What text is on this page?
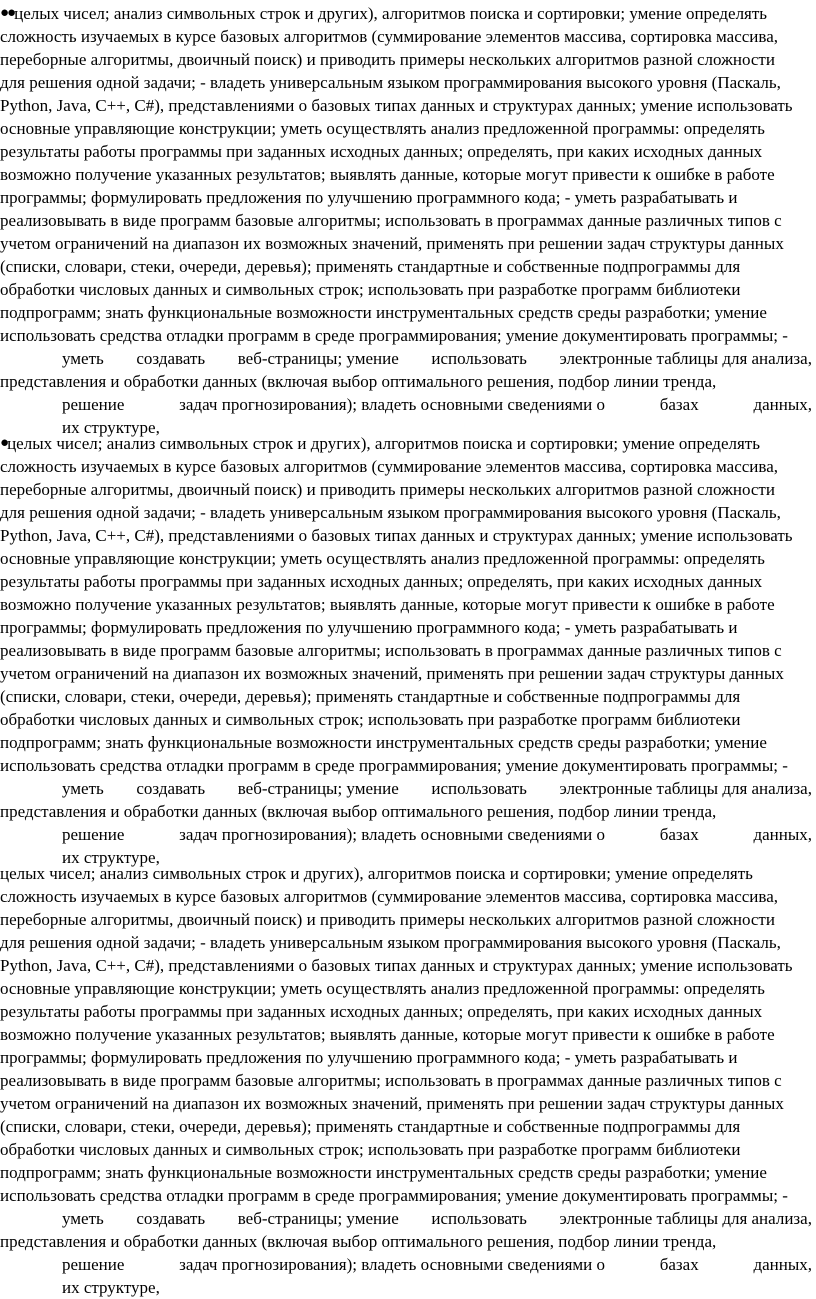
●●целых чисел; анализ символьных строк и других), алгоритмов поиска и сортировки; умение определять
сложность изучаемых в курсе базовых алгоритмов (суммирование элементов массива, сортировка массива,
переборные алгоритмы, двоичный поиск) и приводить примеры нескольких алгоритмов разной сложности
для решения одной задачи; - владеть универсальным языком программирования высокого уровня (Паскаль,
Python, Java, C++, C#), представлениями о базовых типах данных и структурах данных; умение использовать
основные управляющие конструкции; уметь осуществлять анализ предложенной программы: определять
результаты работы программы при заданных исходных данных; определять, при каких исходных данных
возможно получение указанных результатов; выявлять данные, которые могут привести к ошибке в работе
программы; формулировать предложения по улучшению программного кода; - уметь разрабатывать и
реализовывать в виде программ базовые алгоритмы; использовать в программах данные различных типов с
учетом ограничений на диапазон их возможных значений, применять при решении задач структуры данных
(списки, словари, стеки, очереди, деревья); применять стандартные и собственные подпрограммы для
обработки числовых данных и символьных строк; использовать при разработке программ библиотеки
подпрограмм; знать функциональные возможности инструментальных средств среды разработки; умение
использовать средства отладки программ в среде программирования; умение документировать программы; -
уметь создавать веб-страницы; умение использовать электронные таблицы для анализа,
представления и обработки данных (включая выбор оптимального решения, подбор линии тренда,
решение	задач прогнозирования); владеть основными сведениями о	базах	данных,
их структуре,
●целых чисел; анализ символьных строк и других), алгоритмов поиска и сортировки; умение определять
сложность изучаемых в курсе базовых алгоритмов (суммирование элементов массива, сортировка массива,
переборные алгоритмы, двоичный поиск) и приводить примеры нескольких алгоритмов разной сложности
для решения одной задачи; - владеть универсальным языком программирования высокого уровня (Паскаль,
Python, Java, C++, C#), представлениями о базовых типах данных и структурах данных; умение использовать
основные управляющие конструкции; уметь осуществлять анализ предложенной программы: определять
результаты работы программы при заданных исходных данных; определять, при каких исходных данных
возможно получение указанных результатов; выявлять данные, которые могут привести к ошибке в работе
программы; формулировать предложения по улучшению программного кода; - уметь разрабатывать и
реализовывать в виде программ базовые алгоритмы; использовать в программах данные различных типов с
учетом ограничений на диапазон их возможных значений, применять при решении задач структуры данных
(списки, словари, стеки, очереди, деревья); применять стандартные и собственные подпрограммы для
обработки числовых данных и символьных строк; использовать при разработке программ библиотеки
подпрограмм; знать функциональные возможности инструментальных средств среды разработки; умение
использовать средства отладки программ в среде программирования; умение документировать программы; -
уметь создавать веб-страницы; умение использовать электронные таблицы для анализа,
представления и обработки данных (включая выбор оптимального решения, подбор линии тренда,
решение	задач прогнозирования); владеть основными сведениями о	базах	данных,
их структуре,
целых чисел; анализ символьных строк и других), алгоритмов поиска и сортировки; умение определять
сложность изучаемых в курсе базовых алгоритмов (суммирование элементов массива, сортировка массива,
переборные алгоритмы, двоичный поиск) и приводить примеры нескольких алгоритмов разной сложности
для решения одной задачи; - владеть универсальным языком программирования высокого уровня (Паскаль,
Python, Java, C++, C#), представлениями о базовых типах данных и структурах данных; умение использовать
основные управляющие конструкции; уметь осуществлять анализ предложенной программы: определять
результаты работы программы при заданных исходных данных; определять, при каких исходных данных
возможно получение указанных результатов; выявлять данные, которые могут привести к ошибке в работе
программы; формулировать предложения по улучшению программного кода; - уметь разрабатывать и
реализовывать в виде программ базовые алгоритмы; использовать в программах данные различных типов с
учетом ограничений на диапазон их возможных значений, применять при решении задач структуры данных
(списки, словари, стеки, очереди, деревья); применять стандартные и собственные подпрограммы для
обработки числовых данных и символьных строк; использовать при разработке программ библиотеки
подпрограмм; знать функциональные возможности инструментальных средств среды разработки; умение
использовать средства отладки программ в среде программирования; умение документировать программы; -
уметь создавать веб-страницы; умение использовать электронные таблицы для анализа,
представления и обработки данных (включая выбор оптимального решения, подбор линии тренда,
решение	задач прогнозирования); владеть основными сведениями о	базах	данных,
их структуре,
